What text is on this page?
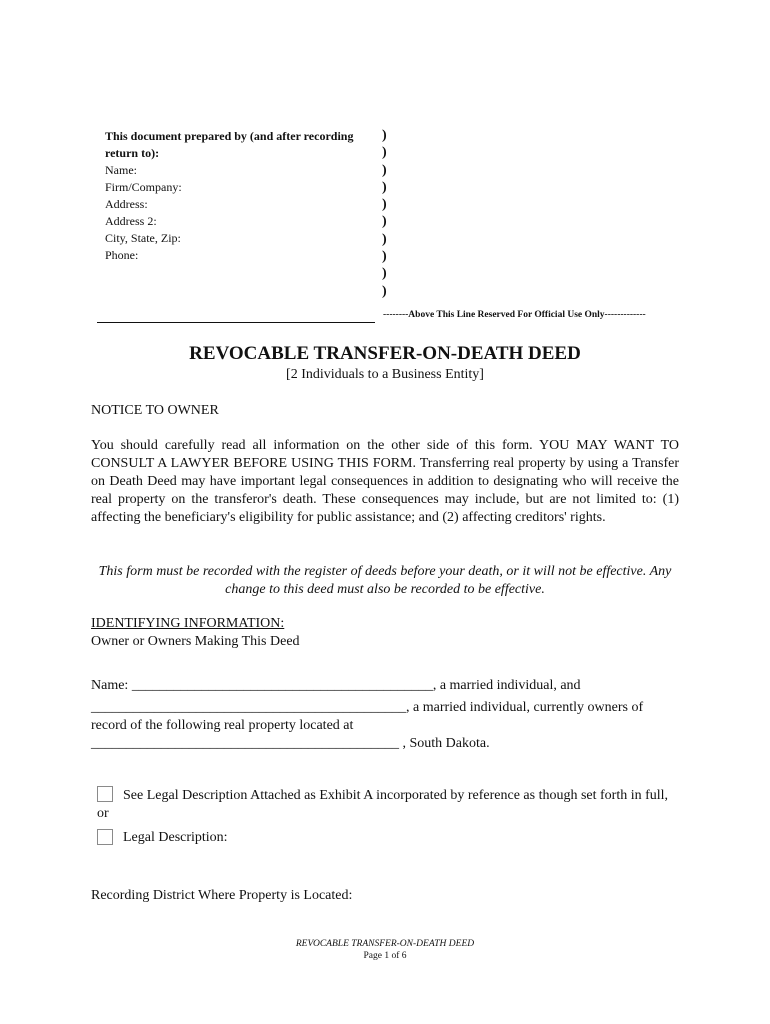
This document prepared by (and after recording
return to):
Name:
Firm/Company:
Address:
Address 2:
City, State, Zip:
Phone:
)
)
)
)
)
)
)
)
)
)
--------Above This Line Reserved For Official Use Only-------------
REVOCABLE TRANSFER-ON-DEATH DEED
[2 Individuals to a Business Entity]
NOTICE TO OWNER
You should carefully read all information on the other side of this form. YOU MAY WANT TO CONSULT A LAWYER BEFORE USING THIS FORM. Transferring real property by using a Transfer on Death Deed may have important legal consequences in addition to designating who will receive the real property on the transferor's death. These consequences may include, but are not limited to: (1) affecting the beneficiary's eligibility for public assistance; and (2) affecting creditors' rights.
This form must be recorded with the register of deeds before your death, or it will not be effective. Any change to this deed must also be recorded to be effective.
IDENTIFYING INFORMATION:
Owner or Owners Making This Deed
Name: ___________________________________________, a married individual, and
_____________________________________________, a married individual, currently owners of record of the following real property located at
____________________________________________ , South Dakota.
See Legal Description Attached as Exhibit A incorporated by reference as though set forth in full, or
Legal Description:
Recording District Where Property is Located:
REVOCABLE TRANSFER-ON-DEATH DEED
Page 1 of 6
